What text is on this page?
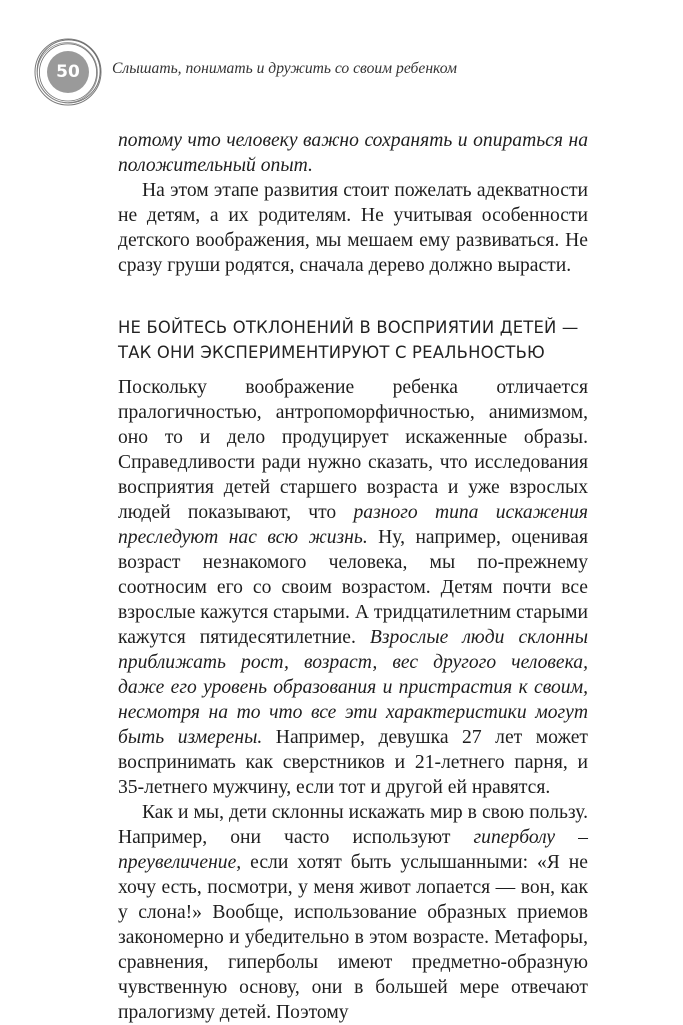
50	Слышать, понимать и дружить со своим ребенком

потому что человеку важно сохранять и опираться на положительный опыт.

На этом этапе развития стоит пожелать адекватности не детям, а их родителям. Не учитывая особенности детского воображения, мы мешаем ему развиваться. Не сразу груши родятся, сначала дерево должно вырасти.

НЕ БОЙТЕСЬ ОТКЛОНЕНИЙ В ВОСПРИЯТИИ ДЕТЕЙ —
ТАК ОНИ ЭКСПЕРИМЕНТИРУЮТ С РЕАЛЬНОСТЬЮ

Поскольку воображение ребенка отличается пралогичностью, антропоморфичностью, анимизмом, оно то и дело продуцирует искаженные образы. Справедливости ради нужно сказать, что исследования восприятия детей старшего возраста и уже взрослых людей показывают, что разного типа искажения преследуют нас всю жизнь. Ну, например, оценивая возраст незнакомого человека, мы по-прежнему соотносим его со своим возрастом. Детям почти все взрослые кажутся старыми. А тридцатилетним старыми кажутся пятидесятилетние. Взрослые люди склонны приближать рост, возраст, вес другого человека, даже его уровень образования и пристрастия к своим, несмотря на то что все эти характеристики могут быть измерены. Например, девушка 27 лет может воспринимать как сверстников и 21-летнего парня, и 35-летнего мужчину, если тот и другой ей нравятся.

Как и мы, дети склонны искажать мир в свою пользу. Например, они часто используют гиперболу – преувеличение, если хотят быть услышанными: «Я не хочу есть, посмотри, у меня живот лопается — вон, как у слона!» Вообще, использование образных приемов закономерно и убедительно в этом возрасте. Метафоры, сравнения, гиперболы имеют предметно-образную чувственную основу, они в большей мере отвечают пралогизму детей. Поэтому
